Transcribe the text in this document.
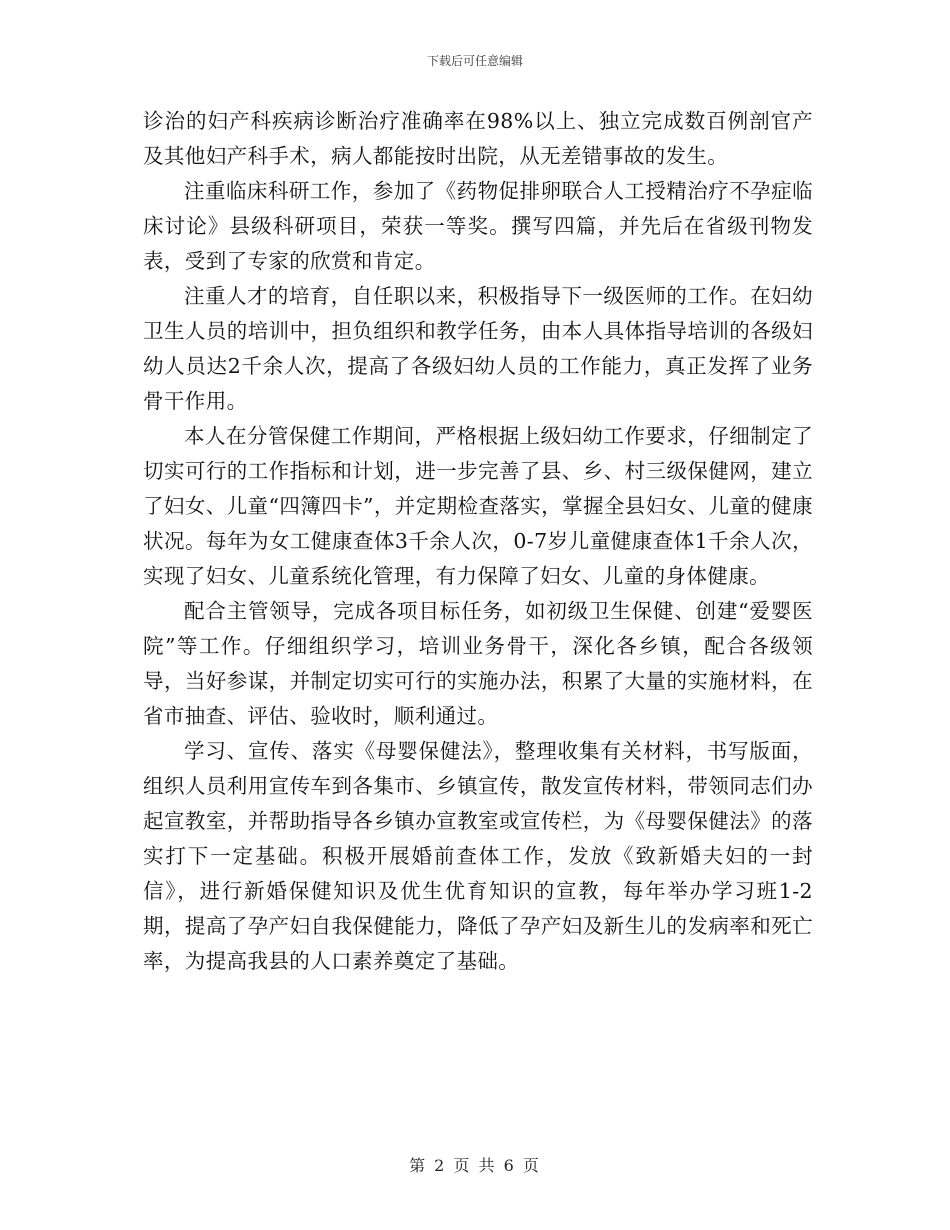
下载后可任意编辑

诊治的妇产科疾病诊断治疗准确率在98%以上、独立完成数百例剖官产及其他妇产科手术，病人都能按时出院，从无差错事故的发生。

注重临床科研工作，参加了《药物促排卵联合人工授精治疗不孕症临床讨论》县级科研项目，荣获一等奖。撰写四篇，并先后在省级刊物发表，受到了专家的欣赏和肯定。

注重人才的培育，自任职以来，积极指导下一级医师的工作。在妇幼卫生人员的培训中，担负组织和教学任务，由本人具体指导培训的各级妇幼人员达2千余人次，提高了各级妇幼人员的工作能力，真正发挥了业务骨干作用。

本人在分管保健工作期间，严格根据上级妇幼工作要求，仔细制定了切实可行的工作指标和计划，进一步完善了县、乡、村三级保健网，建立了妇女、儿童“四簿四卡”，并定期检查落实，掌握全县妇女、儿童的健康状况。每年为女工健康查体3千余人次，0-7岁儿童健康查体1千余人次，实现了妇女、儿童系统化管理，有力保障了妇女、儿童的身体健康。

配合主管领导，完成各项目标任务，如初级卫生保健、创建“爱婴医院”等工作。仔细组织学习，培训业务骨干，深化各乡镇，配合各级领导，当好参谋，并制定切实可行的实施办法，积累了大量的实施材料，在省市抽查、评估、验收时，顺利通过。

学习、宣传、落实《母婴保健法》，整理收集有关材料，书写版面，组织人员利用宣传车到各集市、乡镇宣传，散发宣传材料，带领同志们办起宣教室，并帮助指导各乡镇办宣教室或宣传栏，为《母婴保健法》的落实打下一定基础。积极开展婚前查体工作，发放《致新婚夫妇的一封信》，进行新婚保健知识及优生优育知识的宣教，每年举办学习班1-2期，提高了孕产妇自我保健能力，降低了孕产妇及新生儿的发病率和死亡率，为提高我县的人口素养奠定了基础。

第 2 页 共 6 页
